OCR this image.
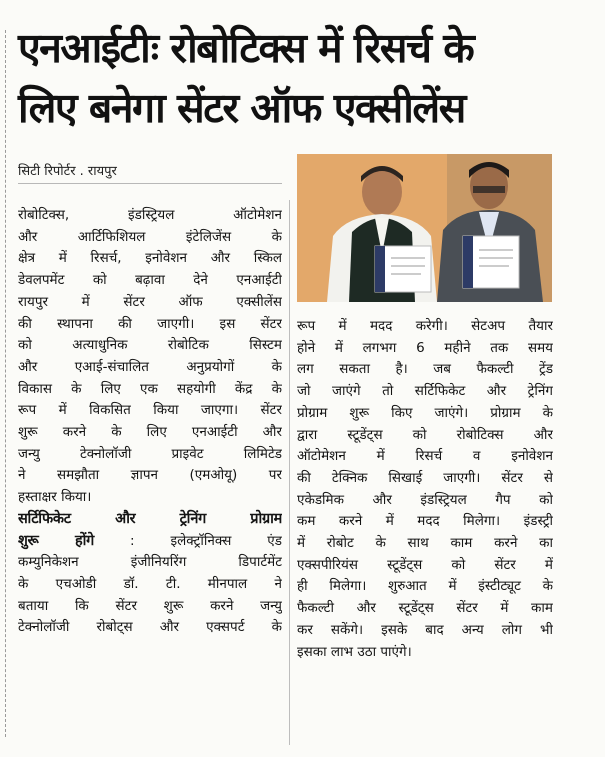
एनआईटीः रोबोटिक्स में रिसर्च के
लिए बनेगा सेंटर ऑफ एक्सीलेंस
सिटी रिपोर्टर . रायपुर
रोबोटिक्स, इंडस्ट्रियल ऑटोमेशन
और आर्टिफिशियल इंटेलिजेंस के
क्षेत्र में रिसर्च, इनोवेशन और स्किल
डेवलपमेंट को बढ़ावा देने एनआईटी
रायपुर में सेंटर ऑफ एक्सीलेंस
की स्थापना की जाएगी। इस सेंटर
को अत्याधुनिक रोबोटिक सिस्टम
और एआई-संचालित अनुप्रयोगों के
विकास के लिए एक सहयोगी केंद्र के
रूप में विकसित किया जाएगा। सेंटर
शुरू करने के लिए एनआईटी और
जन्यु टेक्नोलॉजी प्राइवेट लिमिटेड
ने समझौता ज्ञापन (एमओयू) पर
हस्ताक्षर किया।
सर्टिफिकेट और ट्रेनिंग प्रोग्राम
शुरू होंगे : इलेक्ट्रॉनिक्स एंड
कम्युनिकेशन इंजीनियरिंग डिपार्टमेंट
के एचओडी डॉ. टी. मीनपाल ने
बताया कि सेंटर शुरू करने जन्यु
टेक्नोलॉजी रोबोट्स और एक्सपर्ट के
रूप में मदद करेगी। सेटअप तैयार
होने में लगभग 6 महीने तक समय
लग सकता है। जब फैकल्टी ट्रेंड
जो जाएंगे तो सर्टिफिकेट और ट्रेनिंग
प्रोग्राम शुरू किए जाएंगे। प्रोग्राम के
द्वारा स्टूडेंट्स को रोबोटिक्स और
ऑटोमेशन में रिसर्च व इनोवेशन
की टेक्निक सिखाई जाएगी। सेंटर से
एकेडमिक और इंडस्ट्रियल गैप को
कम करने में मदद मिलेगा। इंडस्ट्री
में रोबोट के साथ काम करने का
एक्सपीरियंस स्टूडेंट्स को सेंटर में
ही मिलेगा। शुरुआत में इंस्टीट्यूट के
फैकल्टी और स्टूडेंट्स सेंटर में काम
कर सकेंगे। इसके बाद अन्य लोग भी
इसका लाभ उठा पाएंगे।
